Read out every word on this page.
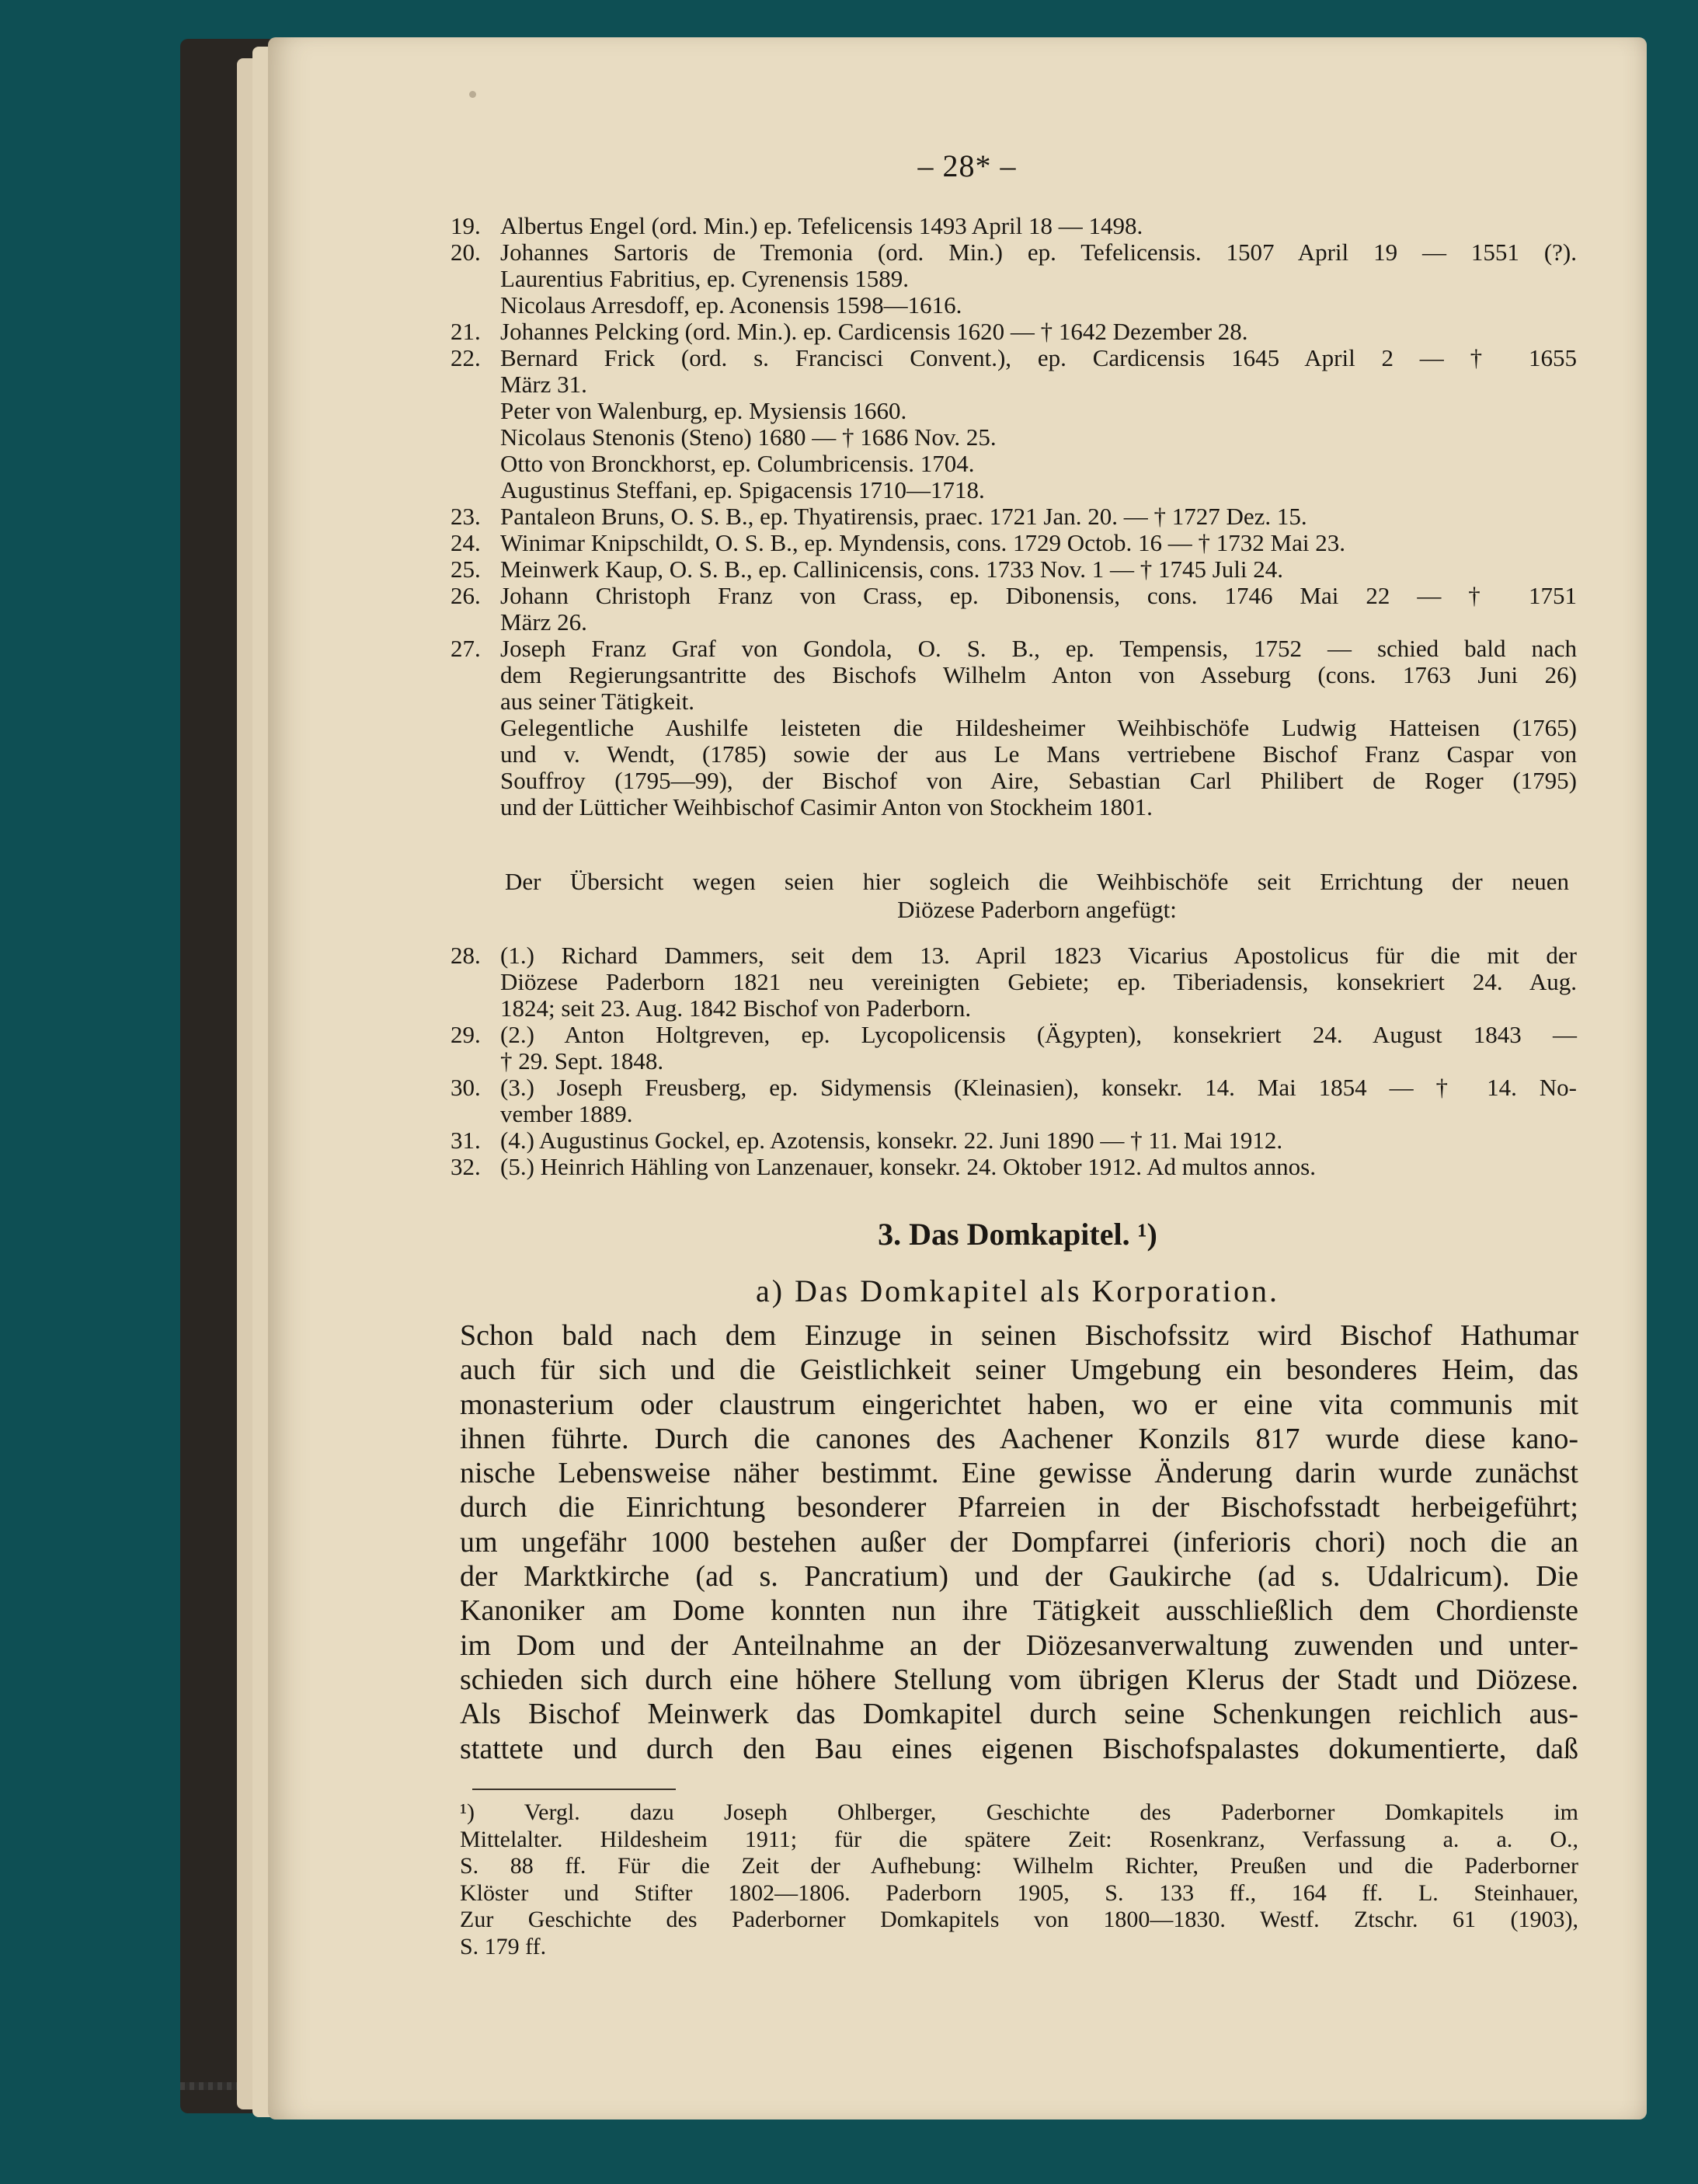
– 28* –
19. Albertus Engel (ord. Min.) ep. Tefelicensis 1493 April 18 — 1498.
20. Johannes Sartoris de Tremonia (ord. Min.) ep. Tefelicensis. 1507 April 19 — 1551 (?).
Laurentius Fabritius, ep. Cyrenensis 1589.
Nicolaus Arresdoff, ep. Aconensis 1598—1616.
21. Johannes Pelcking (ord. Min.). ep. Cardicensis 1620 — † 1642 Dezember 28.
22. Bernard Frick (ord. s. Francisci Convent.), ep. Cardicensis 1645 April 2 — † 1655
März 31.
Peter von Walenburg, ep. Mysiensis 1660.
Nicolaus Stenonis (Steno) 1680 — † 1686 Nov. 25.
Otto von Bronckhorst, ep. Columbricensis. 1704.
Augustinus Steffani, ep. Spigacensis 1710—1718.
23. Pantaleon Bruns, O. S. B., ep. Thyatirensis, praec. 1721 Jan. 20. — † 1727 Dez. 15.
24. Winimar Knipschildt, O. S. B., ep. Myndensis, cons. 1729 Octob. 16 — † 1732 Mai 23.
25. Meinwerk Kaup, O. S. B., ep. Callinicensis, cons. 1733 Nov. 1 — † 1745 Juli 24.
26. Johann Christoph Franz von Crass, ep. Dibonensis, cons. 1746 Mai 22 — † 1751
März 26.
27. Joseph Franz Graf von Gondola, O. S. B., ep. Tempensis, 1752 — schied bald nach
dem Regierungsantritte des Bischofs Wilhelm Anton von Asseburg (cons. 1763 Juni 26)
aus seiner Tätigkeit.
Gelegentliche Aushilfe leisteten die Hildesheimer Weihbischöfe Ludwig Hatteisen (1765)
und v. Wendt, (1785) sowie der aus Le Mans vertriebene Bischof Franz Caspar von
Souffroy (1795—99), der Bischof von Aire, Sebastian Carl Philibert de Roger (1795)
und der Lütticher Weihbischof Casimir Anton von Stockheim 1801.
Der Übersicht wegen seien hier sogleich die Weihbischöfe seit Errichtung der neuen
Diözese Paderborn angefügt:
28. (1.) Richard Dammers, seit dem 13. April 1823 Vicarius Apostolicus für die mit der
Diözese Paderborn 1821 neu vereinigten Gebiete; ep. Tiberiadensis, konsekriert 24. Aug.
1824; seit 23. Aug. 1842 Bischof von Paderborn.
29. (2.) Anton Holtgreven, ep. Lycopolicensis (Ägypten), konsekriert 24. August 1843 —
† 29. Sept. 1848.
30. (3.) Joseph Freusberg, ep. Sidymensis (Kleinasien), konsekr. 14. Mai 1854 — † 14. No-
vember 1889.
31. (4.) Augustinus Gockel, ep. Azotensis, konsekr. 22. Juni 1890 — † 11. Mai 1912.
32. (5.) Heinrich Hähling von Lanzenauer, konsekr. 24. Oktober 1912. Ad multos annos.
3. Das Domkapitel. ¹)
a) Das Domkapitel als Korporation.
Schon bald nach dem Einzuge in seinen Bischofssitz wird Bischof Hathumar
auch für sich und die Geistlichkeit seiner Umgebung ein besonderes Heim, das
monasterium oder claustrum eingerichtet haben, wo er eine vita communis mit
ihnen führte. Durch die canones des Aachener Konzils 817 wurde diese kano-
nische Lebensweise näher bestimmt. Eine gewisse Änderung darin wurde zunächst
durch die Einrichtung besonderer Pfarreien in der Bischofsstadt herbeigeführt;
um ungefähr 1000 bestehen außer der Dompfarrei (inferioris chori) noch die an
der Marktkirche (ad s. Pancratium) und der Gaukirche (ad s. Udalricum). Die
Kanoniker am Dome konnten nun ihre Tätigkeit ausschließlich dem Chordienste
im Dom und der Anteilnahme an der Diözesanverwaltung zuwenden und unter-
schieden sich durch eine höhere Stellung vom übrigen Klerus der Stadt und Diözese.
Als Bischof Meinwerk das Domkapitel durch seine Schenkungen reichlich aus-
stattete und durch den Bau eines eigenen Bischofspalastes dokumentierte, daß
¹) Vergl. dazu Joseph Ohlberger, Geschichte des Paderborner Domkapitels im
Mittelalter. Hildesheim 1911; für die spätere Zeit: Rosenkranz, Verfassung a. a. O.,
S. 88 ff. Für die Zeit der Aufhebung: Wilhelm Richter, Preußen und die Paderborner
Klöster und Stifter 1802—1806. Paderborn 1905, S. 133 ff., 164 ff. L. Steinhauer,
Zur Geschichte des Paderborner Domkapitels von 1800—1830. Westf. Ztschr. 61 (1903),
S. 179 ff.
